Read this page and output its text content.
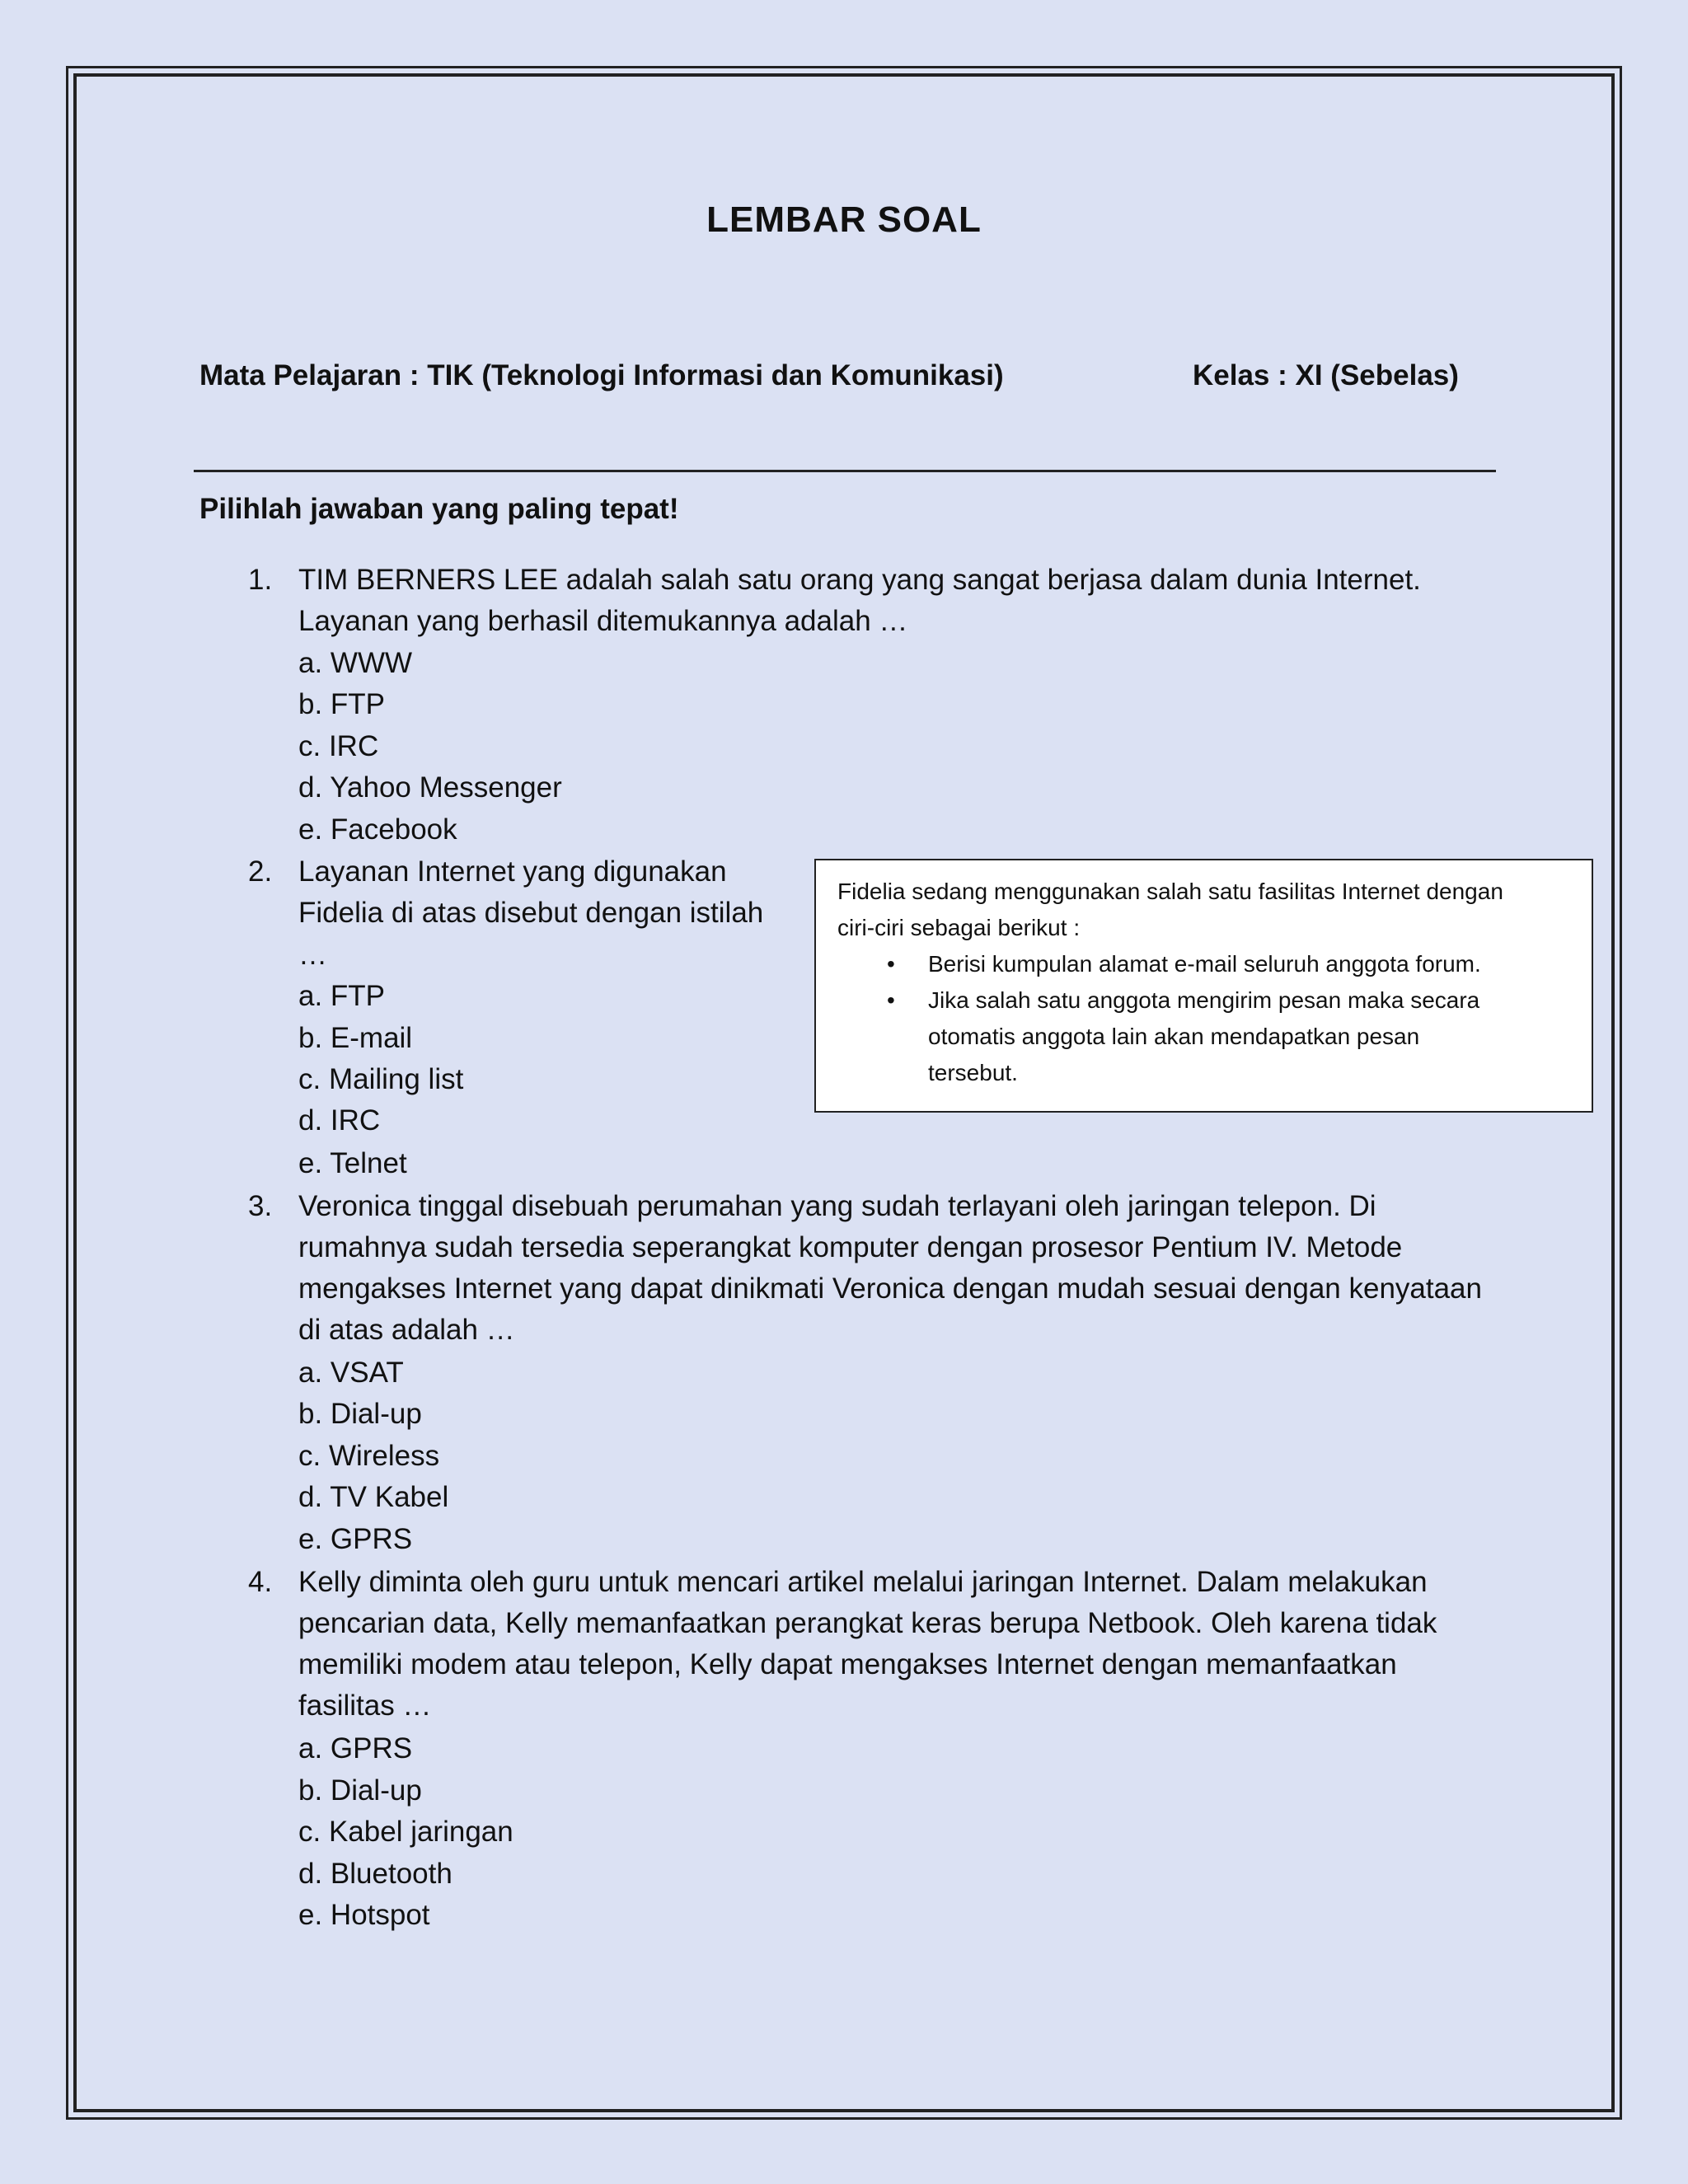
LEMBAR SOAL
Mata Pelajaran : TIK (Teknologi Informasi dan Komunikasi)	Kelas : XI (Sebelas)
Pilihlah jawaban yang paling tepat!
1. TIM BERNERS LEE adalah salah satu orang yang sangat berjasa dalam dunia Internet.
Layanan yang berhasil ditemukannya adalah …
a. WWW
b. FTP
c. IRC
d. Yahoo Messenger
e. Facebook
2. Layanan Internet yang digunakan
Fidelia di atas disebut dengan istilah
…
a. FTP
b. E-mail
c. Mailing list
d. IRC
e. Telnet
Fidelia sedang menggunakan salah satu fasilitas Internet dengan
ciri-ciri sebagai berikut :
• Berisi kumpulan alamat e-mail seluruh anggota forum.
• Jika salah satu anggota mengirim pesan maka secara
otomatis anggota lain akan mendapatkan pesan
tersebut.
3. Veronica tinggal disebuah perumahan yang sudah terlayani oleh jaringan telepon. Di
rumahnya sudah tersedia seperangkat komputer dengan prosesor Pentium IV. Metode
mengakses Internet yang dapat dinikmati Veronica dengan mudah sesuai dengan kenyataan
di atas adalah …
a. VSAT
b. Dial-up
c. Wireless
d. TV Kabel
e. GPRS
4. Kelly diminta oleh guru untuk mencari artikel melalui jaringan Internet. Dalam melakukan
pencarian data, Kelly memanfaatkan perangkat keras berupa Netbook. Oleh karena tidak
memiliki modem atau telepon, Kelly dapat mengakses Internet dengan memanfaatkan
fasilitas …
a. GPRS
b. Dial-up
c. Kabel jaringan
d. Bluetooth
e. Hotspot
